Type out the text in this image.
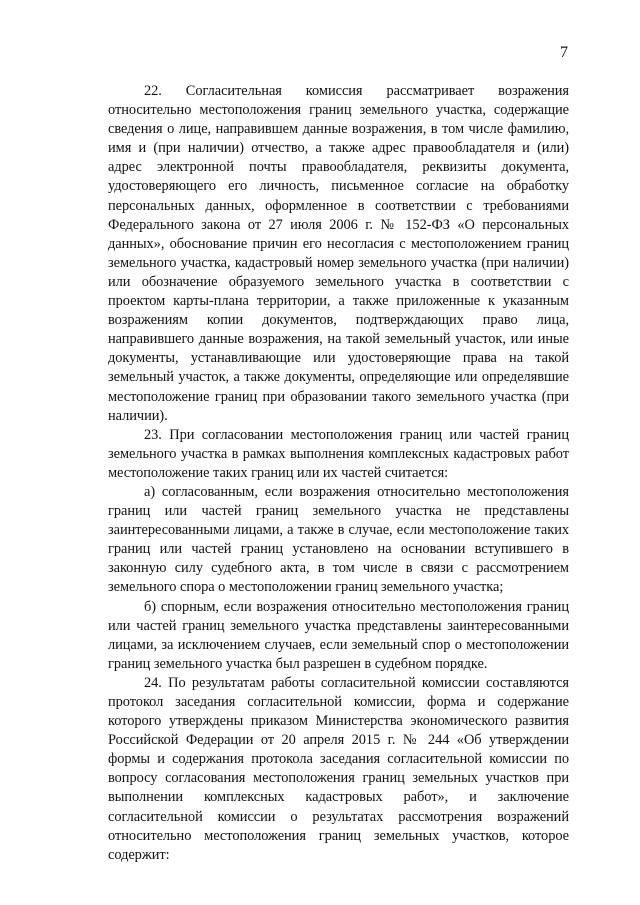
7

22. Согласительная комиссия рассматривает возражения относительно местоположения границ земельного участка, содержащие сведения о лице, направившем данные возражения, в том числе фамилию, имя и (при наличии) отчество, а также адрес правообладателя и (или) адрес электронной почты правообладателя, реквизиты документа, удостоверяющего его личность, письменное согласие на обработку персональных данных, оформленное в соответствии с требованиями Федерального закона от 27 июля 2006 г. № 152-ФЗ «О персональных данных», обоснование причин его несогласия с местоположением границ земельного участка, кадастровый номер земельного участка (при наличии) или обозначение образуемого земельного участка в соответствии с проектом карты-плана территории, а также приложенные к указанным возражениям копии документов, подтверждающих право лица, направившего данные возражения, на такой земельный участок, или иные документы, устанавливающие или удостоверяющие права на такой земельный участок, а также документы, определяющие или определявшие местоположение границ при образовании такого земельного участка (при наличии).

23. При согласовании местоположения границ или частей границ земельного участка в рамках выполнения комплексных кадастровых работ местоположение таких границ или их частей считается:

а) согласованным, если возражения относительно местоположения границ или частей границ земельного участка не представлены заинтересованными лицами, а также в случае, если местоположение таких границ или частей границ установлено на основании вступившего в законную силу судебного акта, в том числе в связи с рассмотрением земельного спора о местоположении границ земельного участка;

б) спорным, если возражения относительно местоположения границ или частей границ земельного участка представлены заинтересованными лицами, за исключением случаев, если земельный спор о местоположении границ земельного участка был разрешен в судебном порядке.

24. По результатам работы согласительной комиссии составляются протокол заседания согласительной комиссии, форма и содержание которого утверждены приказом Министерства экономического развития Российской Федерации от 20 апреля 2015 г. № 244 «Об утверждении формы и содержания протокола заседания согласительной комиссии по вопросу согласования местоположения границ земельных участков при выполнении комплексных кадастровых работ», и заключение согласительной комиссии о результатах рассмотрения возражений относительно местоположения границ земельных участков, которое содержит:
